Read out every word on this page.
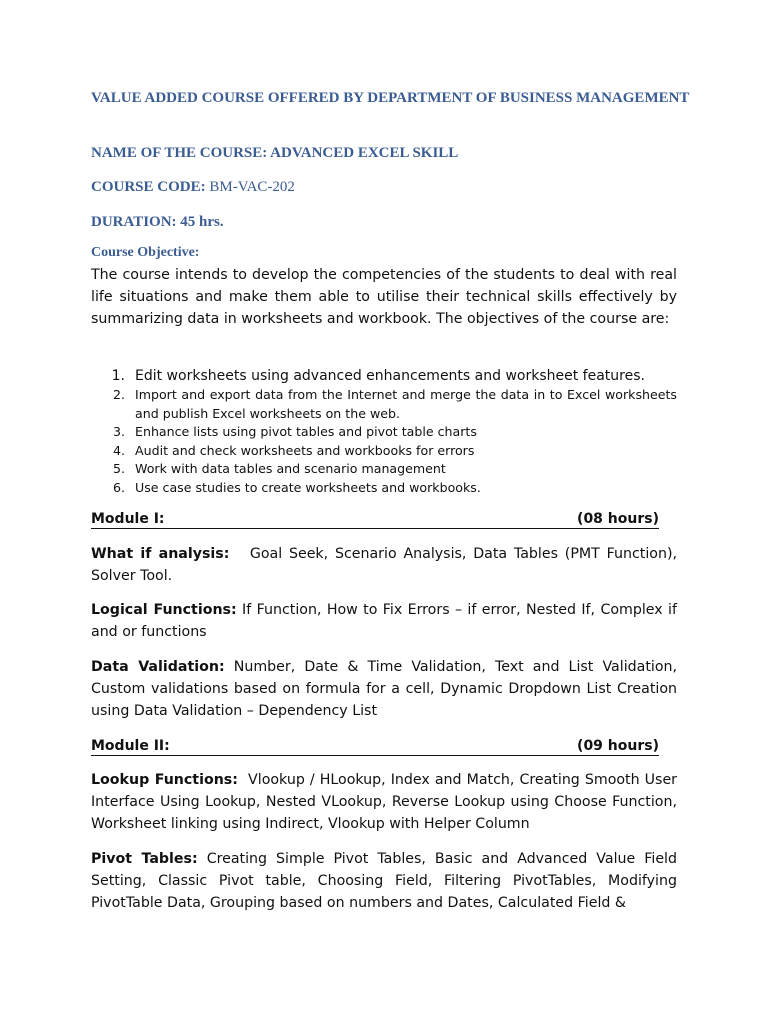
VALUE ADDED COURSE OFFERED BY DEPARTMENT OF BUSINESS MANAGEMENT
NAME OF THE COURSE: ADVANCED EXCEL SKILL
COURSE CODE: BM-VAC-202
DURATION: 45 hrs.
Course Objective:
The course intends to develop the competencies of the students to deal with real life situations and make them able to utilise their technical skills effectively by summarizing data in worksheets and workbook. The objectives of the course are:
1. Edit worksheets using advanced enhancements and worksheet features.
2. Import and export data from the Internet and merge the data in to Excel worksheets and publish Excel worksheets on the web.
3. Enhance lists using pivot tables and pivot table charts
4. Audit and check worksheets and workbooks for errors
5. Work with data tables and scenario management
6. Use case studies to create worksheets and workbooks.
Module I:	(08 hours)
What if analysis: Goal Seek, Scenario Analysis, Data Tables (PMT Function), Solver Tool.
Logical Functions: If Function, How to Fix Errors – if error, Nested If, Complex if and or functions
Data Validation: Number, Date & Time Validation, Text and List Validation, Custom validations based on formula for a cell, Dynamic Dropdown List Creation using Data Validation – Dependency List
Module II:	(09 hours)
Lookup Functions: Vlookup / HLookup, Index and Match, Creating Smooth User Interface Using Lookup, Nested VLookup, Reverse Lookup using Choose Function, Worksheet linking using Indirect, Vlookup with Helper Column
Pivot Tables: Creating Simple Pivot Tables, Basic and Advanced Value Field Setting, Classic Pivot table, Choosing Field, Filtering PivotTables, Modifying PivotTable Data, Grouping based on numbers and Dates, Calculated Field &
